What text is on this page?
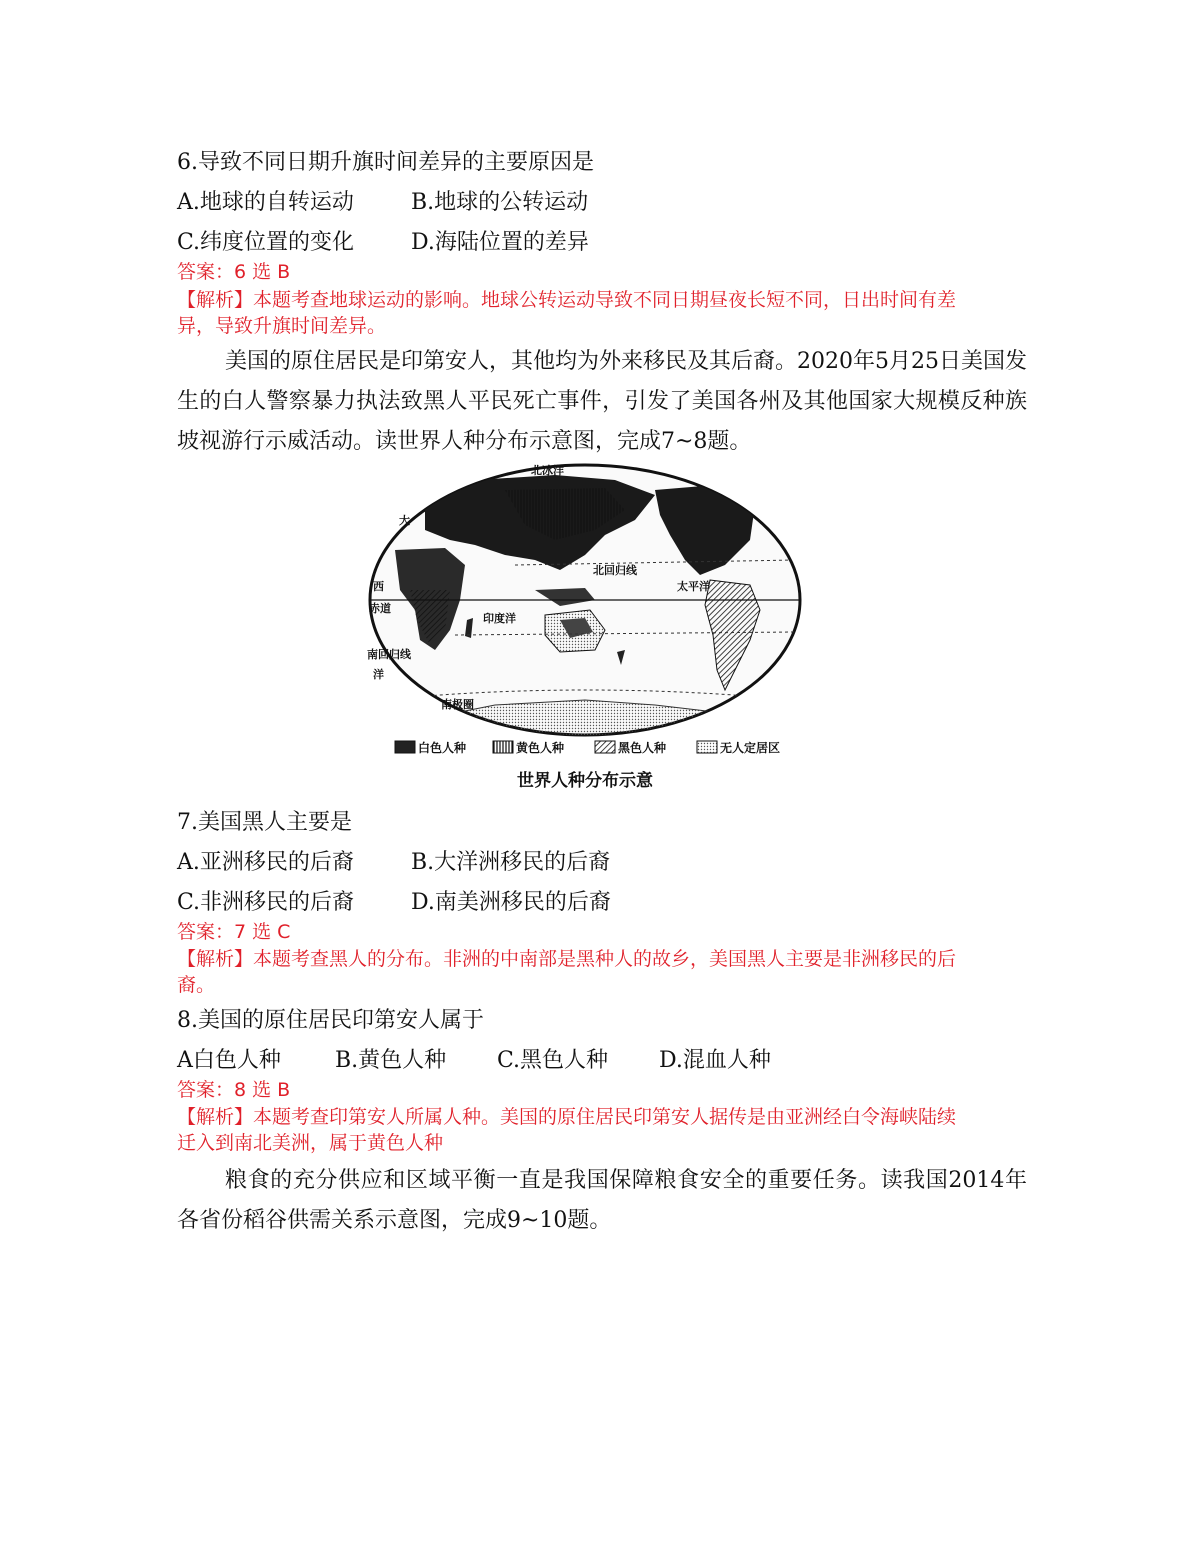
6.导致不同日期升旗时间差异的主要原因是
A.地球的自转运动	B.地球的公转运动
C.纬度位置的变化	D.海陆位置的差异
答案：6 选 B
【解析】本题考查地球运动的影响。地球公转运动导致不同日期昼夜长短不同，日出时间有差
异，导致升旗时间差异。
美国的原住居民是印第安人，其他均为外来移民及其后裔。2020年5月25日美国发生的白人警察暴力执法致黑人平民死亡事件，引发了美国各州及其他国家大规模反种族坡视游行示威活动。读世界人种分布示意图，完成7~8题。
北冰洋
大
西
赤道
北回归线
太平洋
印度洋
南回归线
洋
南极圈
白色人种	黄色人种	黑色人种	无人定居区
世界人种分布示意
7.美国黑人主要是
A.亚洲移民的后裔	B.大洋洲移民的后裔
C.非洲移民的后裔	D.南美洲移民的后裔
答案：7 选 C
【解析】本题考查黑人的分布。非洲的中南部是黑种人的故乡，美国黑人主要是非洲移民的后
裔。
8.美国的原住居民印第安人属于
A白色人种 B.黄色人种 C.黑色人种 D.混血人种
答案：8 选 B
【解析】本题考查印第安人所属人种。美国的原住居民印第安人据传是由亚洲经白令海峡陆续
迁入到南北美洲，属于黄色人种
粮食的充分供应和区域平衡一直是我国保障粮食安全的重要任务。读我国2014年各省份稻谷供需关系示意图，完成9~10题。
